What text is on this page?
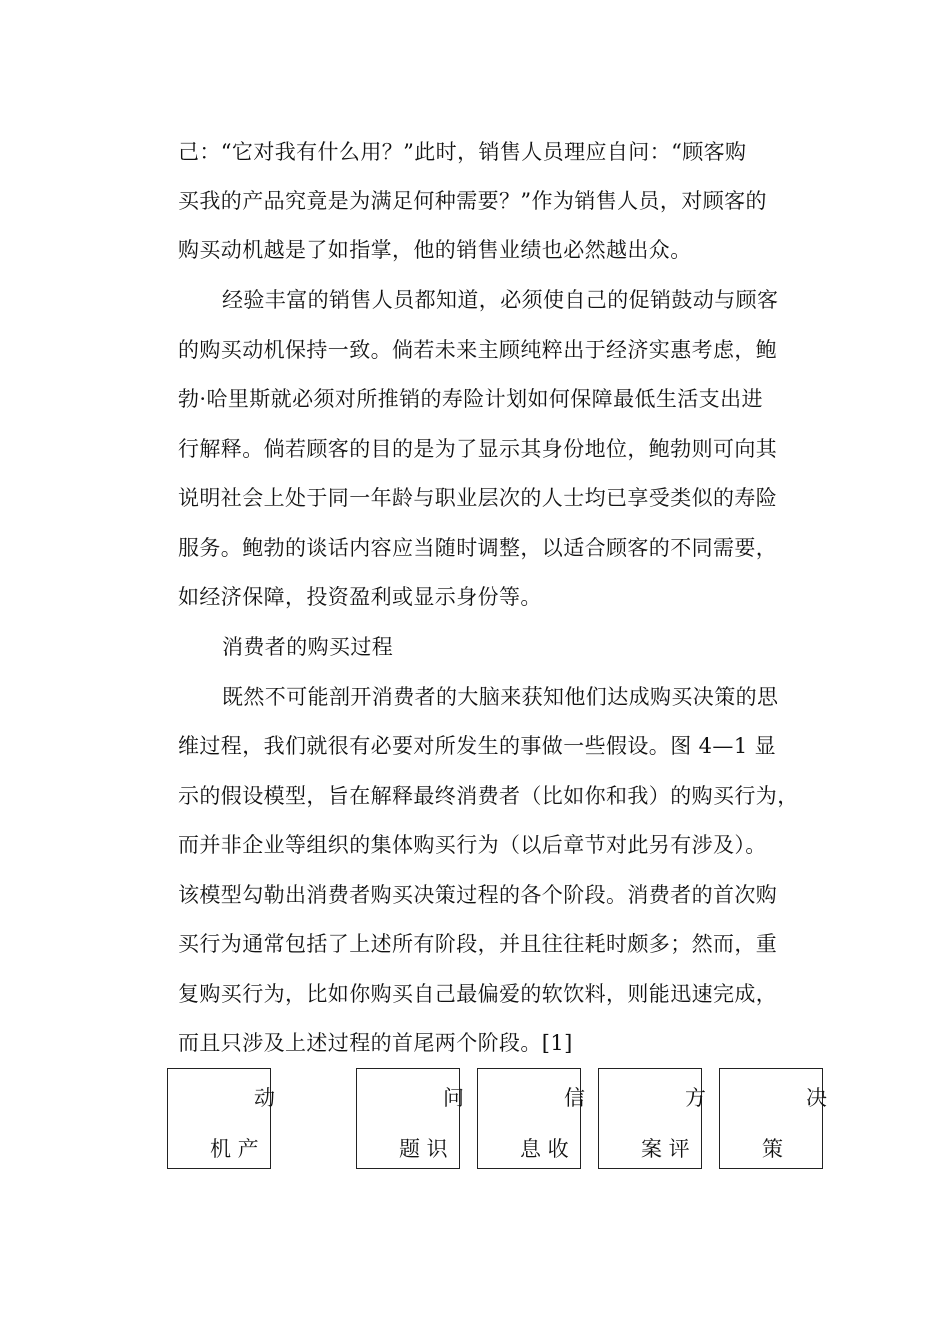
己：“它对我有什么用？”此时，销售人员理应自问：“顾客购
买我的产品究竟是为满足何种需要？”作为销售人员，对顾客的
购买动机越是了如指掌，他的销售业绩也必然越出众。
经验丰富的销售人员都知道，必须使自己的促销鼓动与顾客
的购买动机保持一致。倘若未来主顾纯粹出于经济实惠考虑，鲍
勃·哈里斯就必须对所推销的寿险计划如何保障最低生活支出进
行解释。倘若顾客的目的是为了显示其身份地位，鲍勃则可向其
说明社会上处于同一年龄与职业层次的人士均已享受类似的寿险
服务。鲍勃的谈话内容应当随时调整，以适合顾客的不同需要，
如经济保障，投资盈利或显示身份等。
消费者的购买过程
既然不可能剖开消费者的大脑来获知他们达成购买决策的思
维过程，我们就很有必要对所发生的事做一些假设。图 4—1 显
示的假设模型，旨在解释最终消费者（比如你和我）的购买行为，
而并非企业等组织的集体购买行为（以后章节对此另有涉及）。
该模型勾勒出消费者购买决策过程的各个阶段。消费者的首次购
买行为通常包括了上述所有阶段，并且往往耗时颇多；然而，重
复购买行为，比如你购买自己最偏爱的软饮料，则能迅速完成，
而且只涉及上述过程的首尾两个阶段。[1]
动
机 产
问
题 识
信
息 收
方
案 评
决
策
